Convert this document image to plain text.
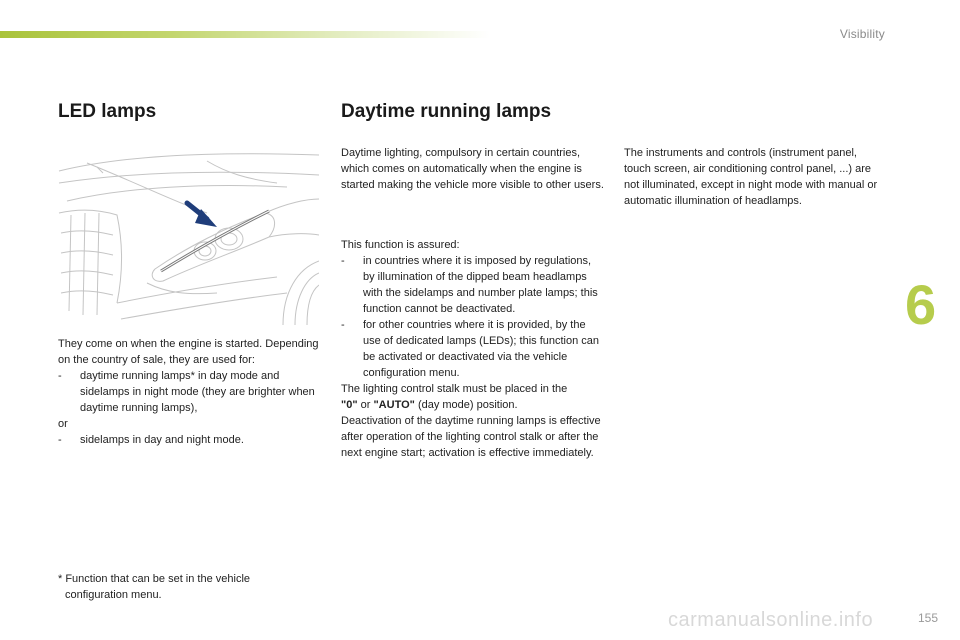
Visibility
LED lamps	Daytime running lamps

They come on when the engine is started. Depending on the country of sale, they are used for:

- daytime running lamps* in day mode and sidelamps in night mode (they are brighter when daytime running lamps),

or

- sidelamps in day and night mode.

* Function that can be set in the vehicle configuration menu.

Daytime lighting, compulsory in certain countries, which comes on automatically when the engine is started making the vehicle more visible to other users.

This function is assured:

- in countries where it is imposed by regulations,

by illumination of the dipped beam headlamps with the sidelamps and number plate lamps; this function cannot be deactivated.

- for other countries where it is provided, by the use of dedicated lamps (LEDs); this function can be activated or deactivated via the vehicle configuration menu.

The lighting control stalk must be placed in the
"0" or "AUTO" (day mode) position.

Deactivation of the daytime running lamps is effective after operation of the lighting control stalk or after the next engine start; activation is effective immediately.

The instruments and controls (instrument panel, touch screen, air conditioning control panel, ...) are not illuminated, except in night mode with manual or automatic illumination of headlamps.

6
carmanualsonline.info	155
